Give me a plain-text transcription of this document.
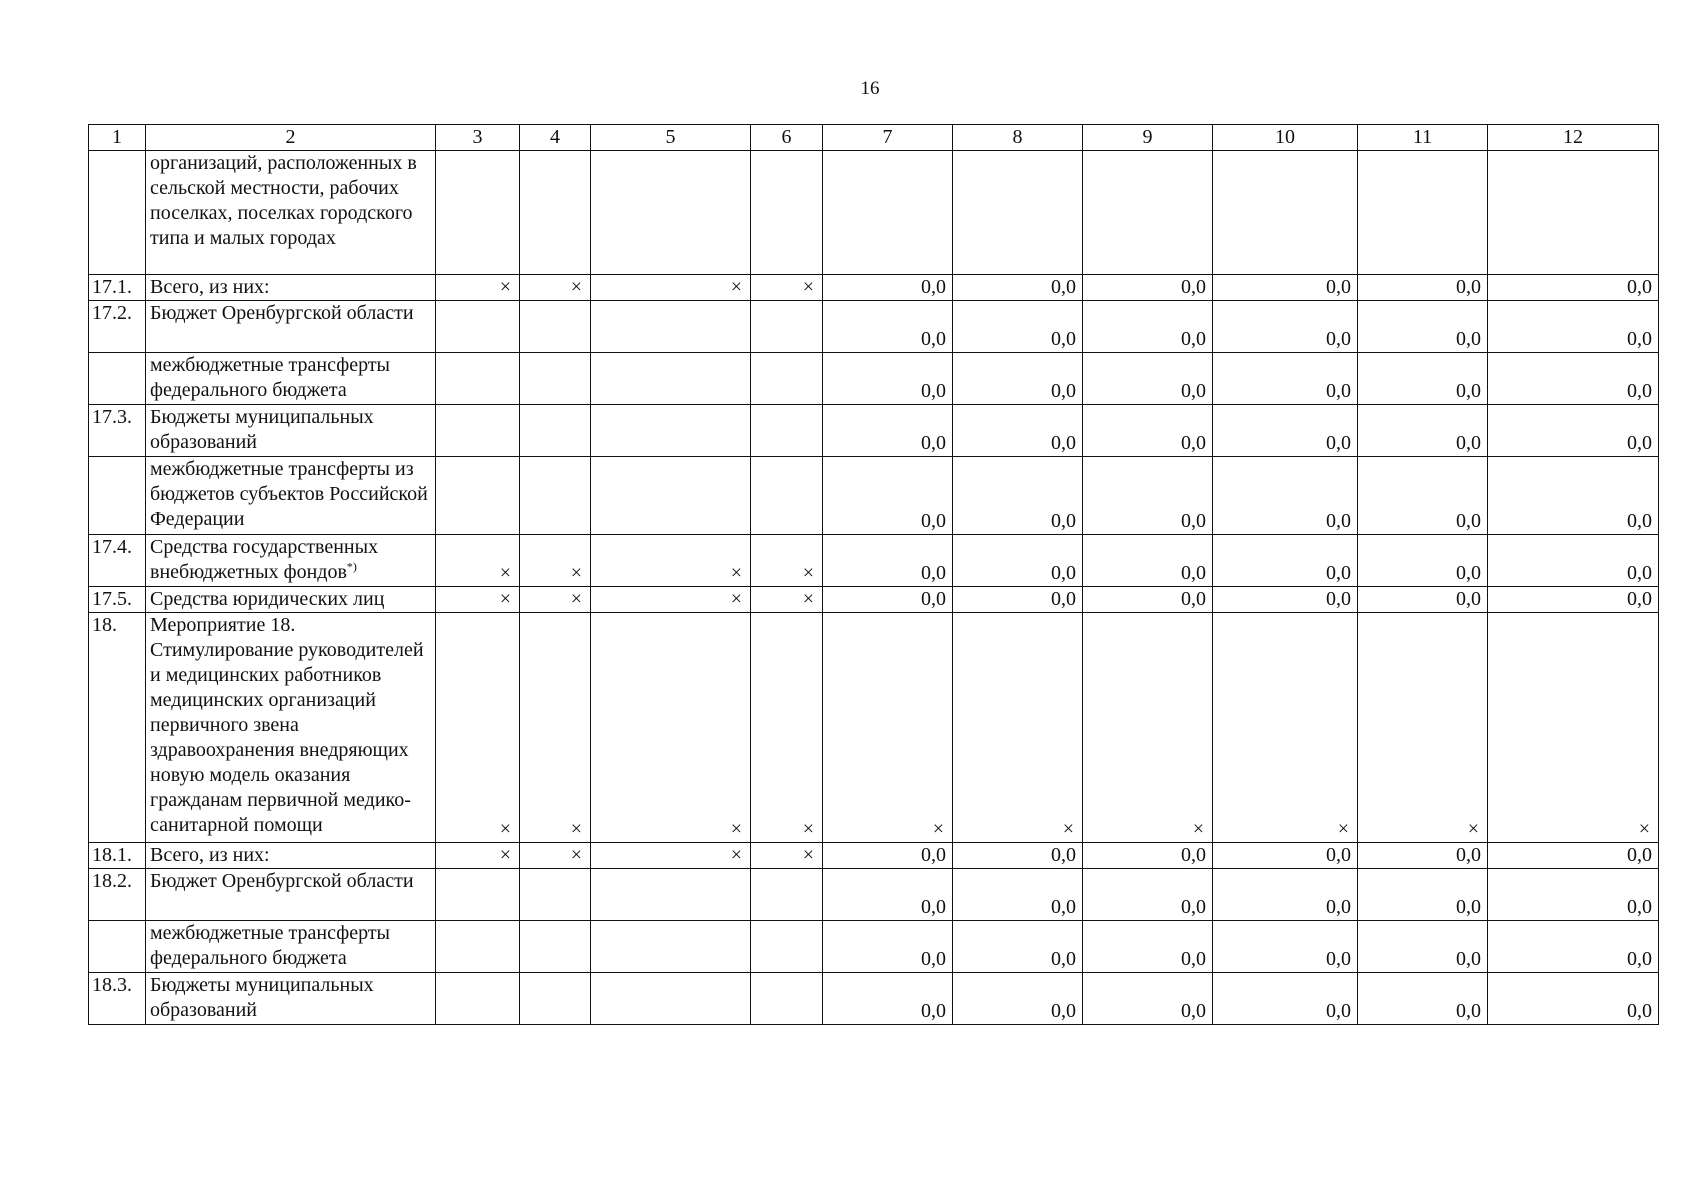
16
1	2	3	4	5	6	7	8	9	10	11	12
	организаций, расположенных в сельской местности, рабочих поселках, поселках городского типа и малых городах										
17.1.	Всего, из них:	×	×	×	×	0,0	0,0	0,0	0,0	0,0	0,0
17.2.	Бюджет Оренбургской области					0,0	0,0	0,0	0,0	0,0	0,0
	межбюджетные трансферты федерального бюджета					0,0	0,0	0,0	0,0	0,0	0,0
17.3.	Бюджеты муниципальных образований					0,0	0,0	0,0	0,0	0,0	0,0
	межбюджетные трансферты из бюджетов субъектов Российской Федерации					0,0	0,0	0,0	0,0	0,0	0,0
17.4.	Средства государственных внебюджетных фондов*)	×	×	×	×	0,0	0,0	0,0	0,0	0,0	0,0
17.5.	Средства юридических лиц	×	×	×	×	0,0	0,0	0,0	0,0	0,0	0,0
18.	Мероприятие 18. Стимулирование руководителей и медицинских работников медицинских организаций первичного звена здравоохранения внедряющих новую модель оказания гражданам первичной медико-санитарной помощи	×	×	×	×	×	×	×	×	×	×
18.1.	Всего, из них:	×	×	×	×	0,0	0,0	0,0	0,0	0,0	0,0
18.2.	Бюджет Оренбургской области					0,0	0,0	0,0	0,0	0,0	0,0
	межбюджетные трансферты федерального бюджета					0,0	0,0	0,0	0,0	0,0	0,0
18.3.	Бюджеты муниципальных образований					0,0	0,0	0,0	0,0	0,0	0,0
